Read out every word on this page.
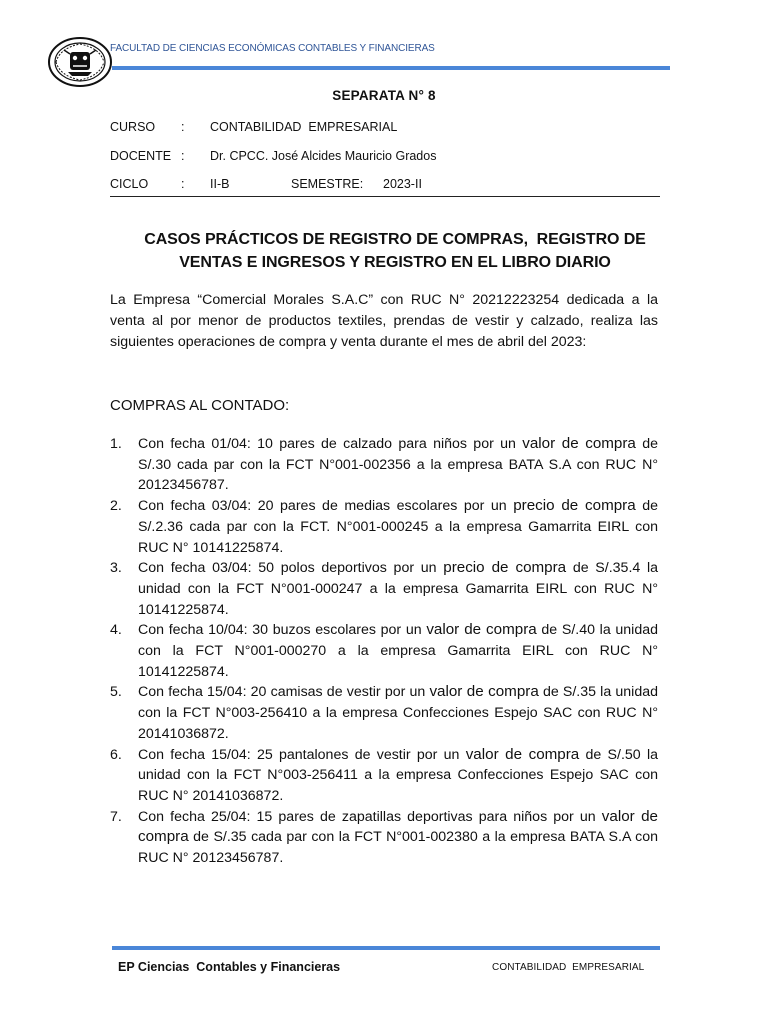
FACULTAD DE CIENCIAS ECONÓMICAS CONTABLES Y FINANCIERAS
SEPARATA N° 8
CURSO : CONTABILIDAD  EMPRESARIAL
DOCENTE : Dr. CPCC. José Alcides Mauricio Grados
CICLO	: II-B	SEMESTRE: 2023-II
CASOS PRÁCTICOS DE REGISTRO DE COMPRAS,  REGISTRO DE
VENTAS E INGRESOS Y REGISTRO EN EL LIBRO DIARIO
La Empresa “Comercial Morales S.A.C” con RUC N° 20212223254 dedicada a la venta al por menor de productos textiles, prendas de vestir y calzado, realiza las siguientes operaciones de compra y venta durante el mes de abril del 2023:
COMPRAS AL CONTADO:
1. Con fecha 01/04: 10 pares de calzado para niños por un valor de compra de S/.30 cada par con la FCT N°001-002356 a la empresa BATA S.A con RUC N° 20123456787.
2. Con fecha 03/04: 20 pares de medias escolares por un precio de compra de S/.2.36 cada par con la FCT. N°001-000245 a la empresa Gamarrita EIRL con RUC N° 10141225874.
3. Con fecha 03/04: 50 polos deportivos por un precio de compra de S/.35.4 la unidad con la FCT N°001-000247 a la empresa Gamarrita EIRL con RUC N° 10141225874.
4. Con fecha 10/04: 30 buzos escolares por un valor de compra de S/.40 la unidad con la FCT N°001-000270 a la empresa Gamarrita EIRL con RUC N° 10141225874.
5. Con fecha 15/04: 20 camisas de vestir por un valor de compra de S/.35 la unidad con la FCT N°003-256410 a la empresa Confecciones Espejo SAC con RUC N° 20141036872.
6. Con fecha 15/04: 25 pantalones de vestir por un valor de compra de S/.50 la unidad con la FCT N°003-256411 a la empresa Confecciones Espejo SAC con RUC N° 20141036872.
7. Con fecha 25/04: 15 pares de zapatillas deportivas para niños por un valor de compra de S/.35 cada par con la FCT N°001-002380 a la empresa BATA S.A con RUC N° 20123456787.
EP Ciencias  Contables y Financieras	CONTABILIDAD  EMPRESARIAL
